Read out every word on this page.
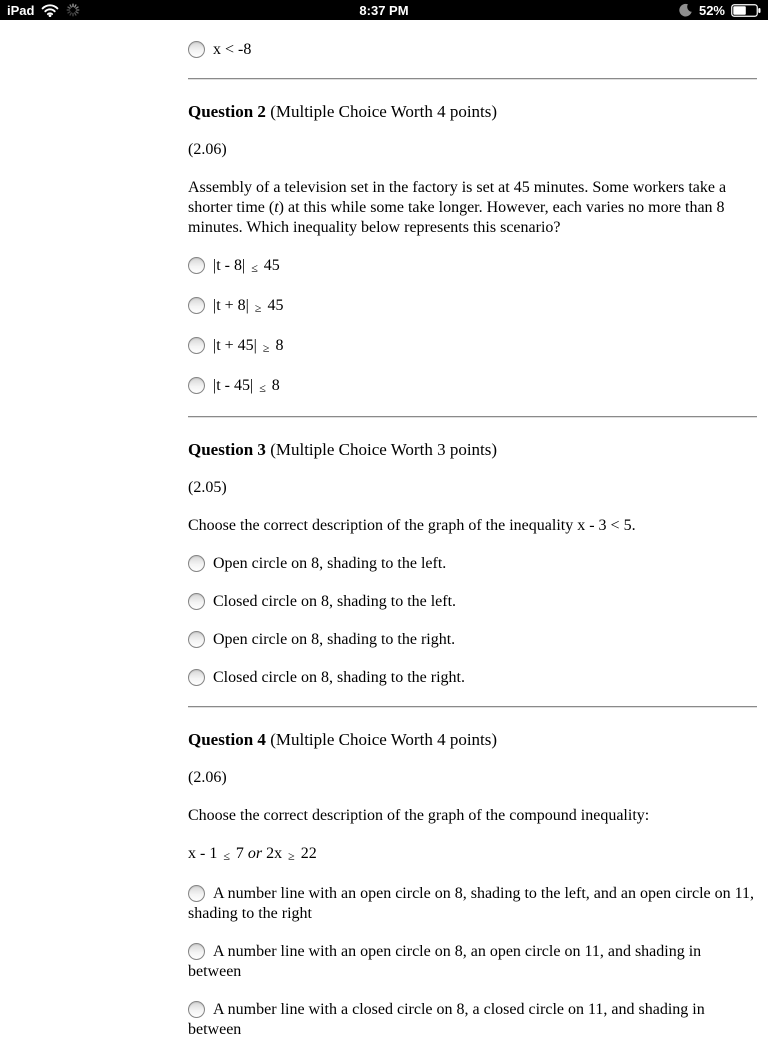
iPad	8:37 PM	52%

x < -8

Question 2 (Multiple Choice Worth 4 points)

(2.06)

Assembly of a television set in the factory is set at 45 minutes. Some workers take a
shorter time (t) at this while some take longer. However, each varies no more than 8
minutes. Which inequality below represents this scenario?

|t - 8| ≤ 45

|t + 8| ≥ 45

|t + 45| ≥ 8

|t - 45| ≤ 8

Question 3 (Multiple Choice Worth 3 points)

(2.05)

Choose the correct description of the graph of the inequality x - 3 < 5.

Open circle on 8, shading to the left.

Closed circle on 8, shading to the left.

Open circle on 8, shading to the right.

Closed circle on 8, shading to the right.

Question 4 (Multiple Choice Worth 4 points)

(2.06)

Choose the correct description of the graph of the compound inequality:

x - 1 ≤ 7 or 2x ≥ 22

A number line with an open circle on 8, shading to the left, and an open circle on 11,
shading to the right

A number line with an open circle on 8, an open circle on 11, and shading in
between

A number line with a closed circle on 8, a closed circle on 11, and shading in
between
